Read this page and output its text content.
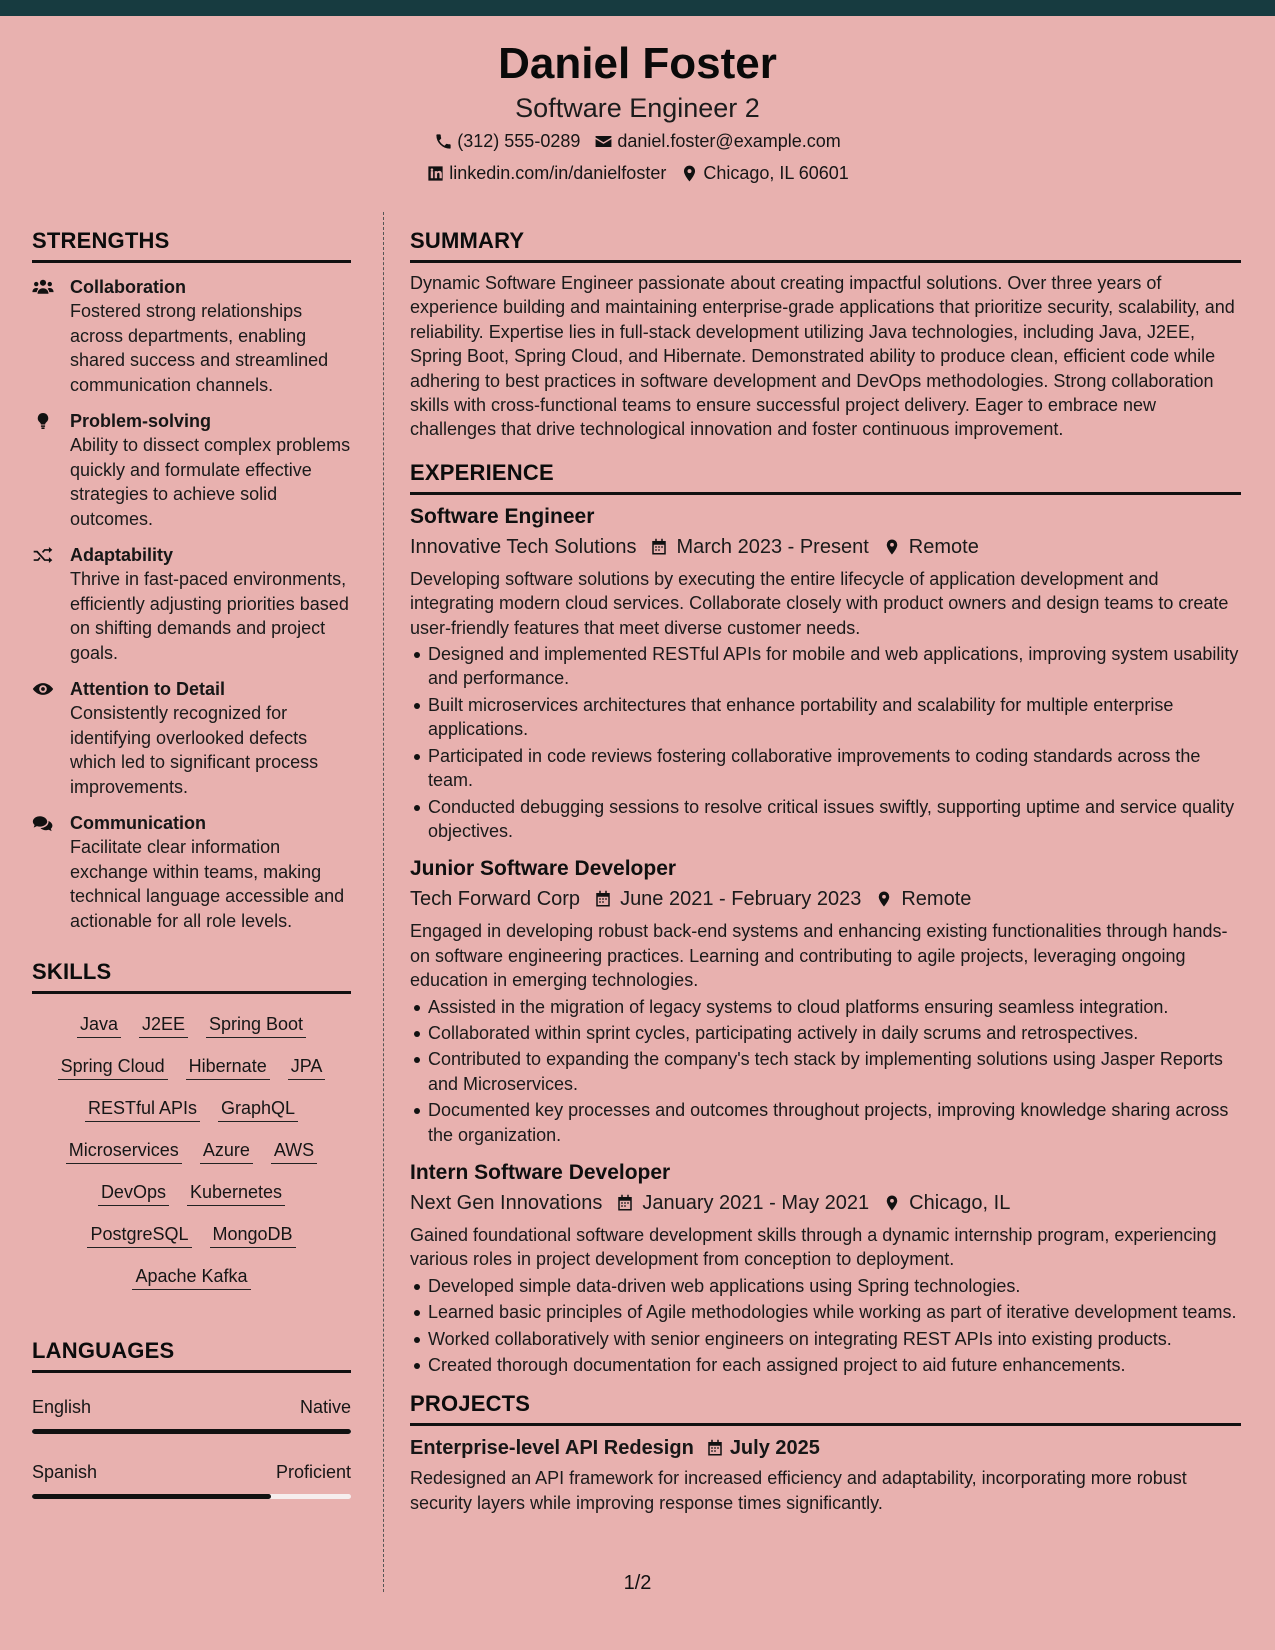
Daniel Foster
Software Engineer 2
(312) 555-0289 daniel.foster@example.com
linkedin.com/in/danielfoster Chicago, IL 60601
STRENGTHS
Collaboration
Fostered strong relationships across departments, enabling shared success and streamlined communication channels.
Problem-solving
Ability to dissect complex problems quickly and formulate effective strategies to achieve solid outcomes.
Adaptability
Thrive in fast-paced environments, efficiently adjusting priorities based on shifting demands and project goals.
Attention to Detail
Consistently recognized for identifying overlooked defects which led to significant process improvements.
Communication
Facilitate clear information exchange within teams, making technical language accessible and actionable for all role levels.
SKILLS
Java J2EE Spring Boot
Spring Cloud Hibernate JPA
RESTful APIs GraphQL
Microservices Azure AWS
DevOps Kubernetes
PostgreSQL MongoDB
Apache Kafka
LANGUAGES
English	Native
Spanish	Proficient
SUMMARY
Dynamic Software Engineer passionate about creating impactful solutions. Over three years of experience building and maintaining enterprise-grade applications that prioritize security, scalability, and reliability. Expertise lies in full-stack development utilizing Java technologies, including Java, J2EE, Spring Boot, Spring Cloud, and Hibernate. Demonstrated ability to produce clean, efficient code while adhering to best practices in software development and DevOps methodologies. Strong collaboration skills with cross-functional teams to ensure successful project delivery. Eager to embrace new challenges that drive technological innovation and foster continuous improvement.
EXPERIENCE
Software Engineer
Innovative Tech Solutions March 2023 - Present Remote
Developing software solutions by executing the entire lifecycle of application development and integrating modern cloud services. Collaborate closely with product owners and design teams to create user-friendly features that meet diverse customer needs.
Designed and implemented RESTful APIs for mobile and web applications, improving system usability and performance.
Built microservices architectures that enhance portability and scalability for multiple enterprise applications.
Participated in code reviews fostering collaborative improvements to coding standards across the team.
Conducted debugging sessions to resolve critical issues swiftly, supporting uptime and service quality objectives.
Junior Software Developer
Tech Forward Corp June 2021 - February 2023 Remote
Engaged in developing robust back-end systems and enhancing existing functionalities through hands-on software engineering practices. Learning and contributing to agile projects, leveraging ongoing education in emerging technologies.
Assisted in the migration of legacy systems to cloud platforms ensuring seamless integration.
Collaborated within sprint cycles, participating actively in daily scrums and retrospectives.
Contributed to expanding the company's tech stack by implementing solutions using Jasper Reports and Microservices.
Documented key processes and outcomes throughout projects, improving knowledge sharing across the organization.
Intern Software Developer
Next Gen Innovations January 2021 - May 2021 Chicago, IL
Gained foundational software development skills through a dynamic internship program, experiencing various roles in project development from conception to deployment.
Developed simple data-driven web applications using Spring technologies.
Learned basic principles of Agile methodologies while working as part of iterative development teams.
Worked collaboratively with senior engineers on integrating REST APIs into existing products.
Created thorough documentation for each assigned project to aid future enhancements.
PROJECTS
Enterprise-level API Redesign July 2025
Redesigned an API framework for increased efficiency and adaptability, incorporating more robust security layers while improving response times significantly.
1/2
